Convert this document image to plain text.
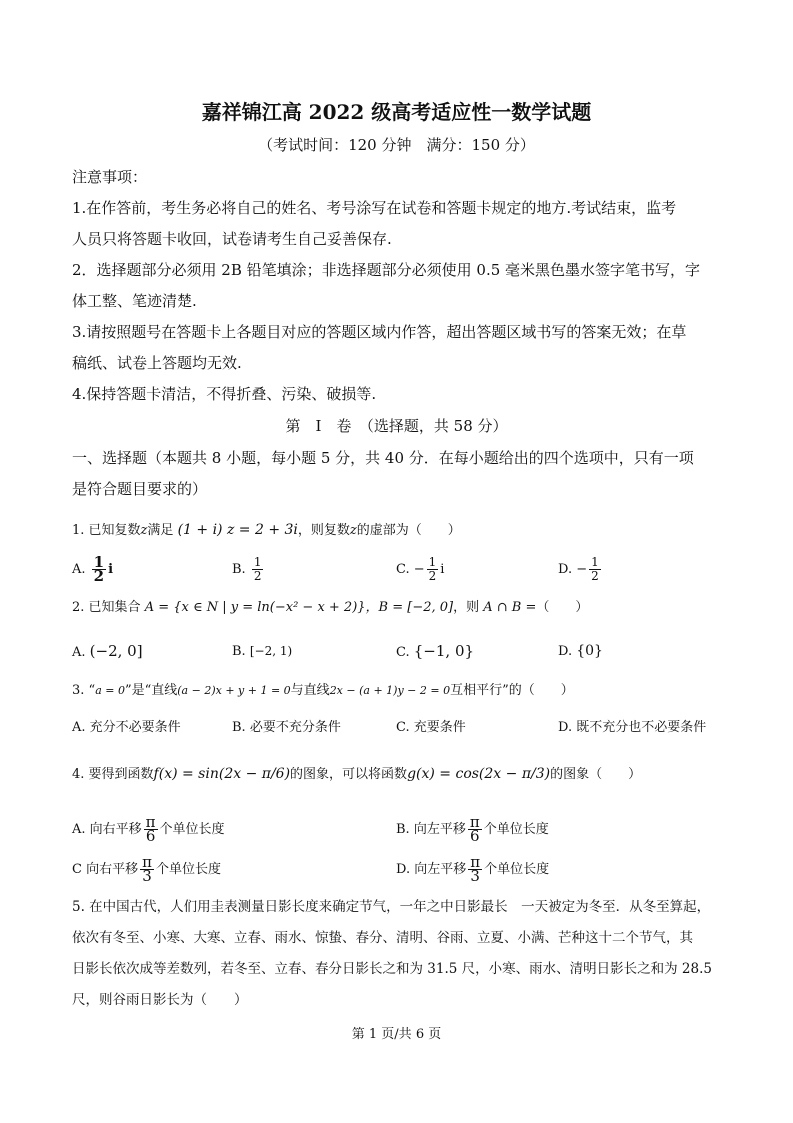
嘉祥锦江高 2022 级高考适应性一数学试题
（考试时间：120 分钟　满分：150 分）
注意事项：
1.在作答前，考生务必将自己的姓名、考号涂写在试卷和答题卡规定的地方.考试结束，监考
人员只将答题卡收回，试卷请考生自己妥善保存.
2．选择题部分必须用 2B 铅笔填涂；非选择题部分必须使用 0.5 毫米黑色墨水签字笔书写，字
体工整、笔迹清楚.
3.请按照题号在答题卡上各题目对应的答题区域内作答，超出答题区域书写的答案无效；在草
稿纸、试卷上答题均无效.
4.保持答题卡清洁，不得折叠、污染、破损等.
第　Ⅰ　卷　（选择题，共 58 分）
一、选择题（本题共 8 小题，每小题 5 分，共 40 分．在每小题给出的四个选项中，只有一项
是符合题目要求的）
1. 已知复数z满足 (1 + i) z = 2 + 3i，则复数z的虚部为（　　）
A. $\frac{1}{2}$ i	B. $\frac{1}{2}$	C. − $\frac{1}{2}$ i	D. − $\frac{1}{2}$
2. 已知集合 A = {x ∈ N | y = ln(−x² − x + 2)}，B = [−2, 0]，则 A ∩ B =（　　）
A. (−2, 0]	B. [−2, 1)	C. {−1, 0}	D. {0}
3. “a = 0”是“直线(a − 2)x + y + 1 = 0与直线2x − (a + 1)y − 2 = 0互相平行”的（　　）
A. 充分不必要条件	B. 必要不充分条件	C. 充要条件	D. 既不充分也不必要条件
4. 要得到函数f(x) = sin(2x − π/6)的图象，可以将函数g(x) = cos(2x − π/3)的图象（　　）
A. 向右平移 $\frac{\pi}{6}$ 个单位长度	B. 向左平移 $\frac{\pi}{6}$ 个单位长度
C 向右平移 $\frac{\pi}{3}$ 个单位长度	D. 向左平移 $\frac{\pi}{3}$ 个单位长度
5. 在中国古代，人们用圭表测量日影长度来确定节气，一年之中日影最长　一天被定为冬至．从冬至算起，
依次有冬至、小寒、大寒、立春、雨水、惊蛰、春分、清明、谷雨、立夏、小满、芒种这十二个节气，其
日影长依次成等差数列，若冬至、立春、春分日影长之和为 31.5 尺，小寒、雨水、清明日影长之和为 28.5
尺，则谷雨日影长为（　　）
第 1 页/共 6 页
